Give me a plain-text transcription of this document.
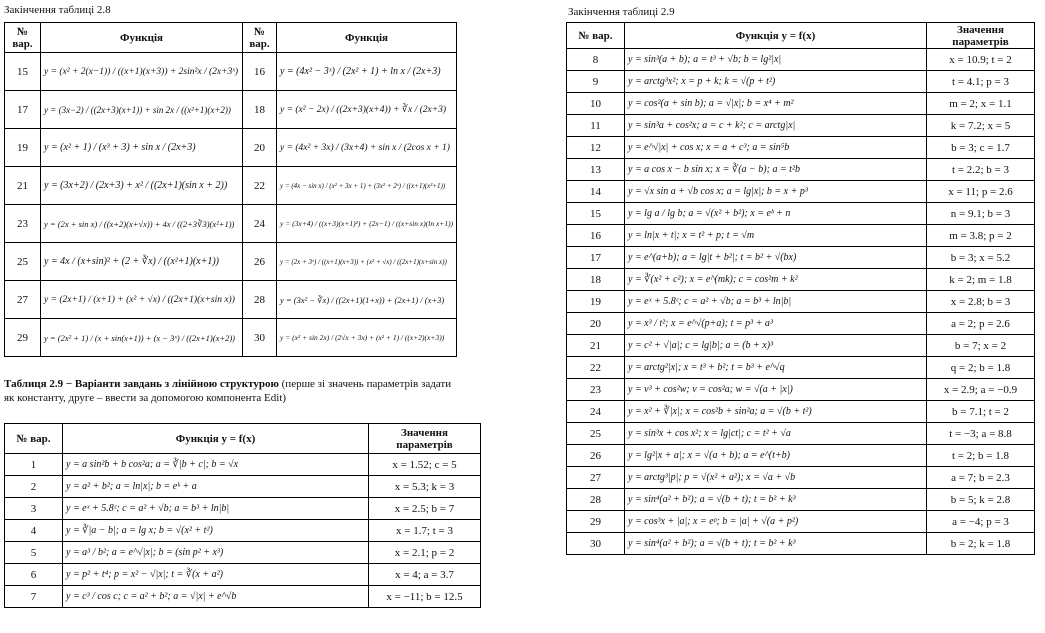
Закінчення таблиці 2.8
№ вар.	Функція	№ вар.	Функція
15	y = (x² + 2(x−1)) / ((x+1)(x+3)) + 2sin²x / (2x+3ˣ)	16	y = (4x² − 3ˣ) / (2x² + 1) + ln x / (2x+3)
17	y = (3x−2) / ((2x+3)(x+1)) + sin 2x / ((x²+1)(x+2))	18	y = (x² − 2x) / ((2x+3)(x+4)) + ∛x / (2x+3)
19	y = (x² + 1) / (x³ + 3) + sin x / (2x+3)	20	y = (4x² + 3x) / (3x+4) + sin x / (2cos x + 1)
21	y = (3x+2) / (2x+3) + x² / ((2x+1)(sin x + 2))	22	y = (4x − sin x) / (x² + 3x + 1) + (3x² + 2ˣ) / ((x+1)(x²+1))
23	y = (2x + sin x) / ((x+2)(x+√x)) + 4x / ((2+3∛3)(x²+1))	24	y = (3x+4) / ((x+3)(x+1)²) + (2x−1) / ((x+sin x)(ln x+1))
25	y = 4x / (x+sin)² + (2 + ∛x) / ((x²+1)(x+1))	26	y = (2x + 3ˣ) / ((x+1)(x+3)) + (x² + √x) / ((2x+1)(x+sin x))
27	y = (2x+1) / (x+1) + (x² + √x) / ((2x+1)(x+sin x))	28	y = (3x² − ∛x) / ((2x+1)(1+x)) + (2x+1) / (x+3)
29	y = (2x² + 1) / (x + sin(x+1)) + (x − 3ˣ) / ((2x+1)(x+2))	30	y = (x² + sin 2x) / (2√x + 3x) + (x² + 1) / ((x+2)(x+3))
Таблиця 2.9 − Варіанти завдань з лінійною структурою (перше зі значень параметрів задати як константу, друге – ввести за допомогою компонента Edit)
№ вар.	Функція y = f(x)	Значення параметрів
1	y = a sin²b + b cos²a; a = ∛|b + c|; b = √x	x = 1.52; c = 5
2	y = a² + b²; a = ln|x|; b = eᵏ + a	x = 5.3; k = 3
3	y = eˣ + 5.8ᶜ; c = a² + √b; a = b³ + ln|b|	x = 2.5; b = 7
4	y = ∛|a − b|; a = lg x; b = √(x² + t²)	x = 1.7; t = 3
5	y = a³ / b²; a = e^√|x|; b = (sin p² + x³)	x = 2.1; p = 2
6	y = p² + t⁴; p = x² − √|x|; t = ∛(x + a²)	x = 4; a = 3.7
7	y = c³ / cos c; c = a² + b²; a = √|x| + e^√b	x = −11; b = 12.5
Закінчення таблиці 2.9
№ вар.	Функція y = f(x)	Значення параметрів
8	y = sin³(a + b); a = t³ + √b; b = lg²|x|	x = 10.9; t = 2
9	y = arctg³x²; x = p + k; k = √(p + t²)	t = 4.1; p = 3
10	y = cos²(a + sin b); a = √|x|; b = x⁴ + m²	m = 2; x = 1.1
11	y = sin³a + cos²x; a = c + k²; c = arctg|x|	k = 7.2; x = 5
12	y = e^√|x| + cos x; x = a + c³; a = sin⁵b	b = 3; c = 1.7
13	y = a cos x − b sin x; x = ∛(a − b); a = t²b	t = 2.2; b = 3
14	y = √x sin a + √b cos x; a = lg|x|; b = x + p³	x = 11; p = 2.6
15	y = lg a / lg b; a = √(x² + b²); x = eᵇ + n	n = 9.1; b = 3
16	y = ln|x + t|; x = t² + p; t = √m	m = 3.8; p = 2
17	y = e^(a+b); a = lg|t + b²|; t = b² + √(bx)	b = 3; x = 5.2
18	y = ∛(x² + c²); x = e^(mk); c = cos²m + k²	k = 2; m = 1.8
19	y = eˣ + 5.8ᶜ; c = a² + √b; a = b³ + ln|b|	x = 2.8; b = 3
20	y = x³ / t²; x = e^√(p+a); t = p³ + a³	a = 2; p = 2.6
21	y = c² + √|a|; c = lg|b|; a = (b + x)³	b = 7; x = 2
22	y = arctg²|x|; x = t³ + b²; t = b³ + e^√q	q = 2; b = 1.8
23	y = v³ + cos²w; v = cos²a; w = √(a + |x|)	x = 2.9; a = −0.9
24	y = x² + ∛|x|; x = cos²b + sin²a; a = √(b + t²)	b = 7.1; t = 2
25	y = sin³x + cos x²; x = lg|ct|; c = t² + √a	t = −3; a = 8.8
26	y = lg²|x + a|; x = √(a + b); a = e^(t+b)	t = 2; b = 1.8
27	y = arctg³|p|; p = √(x² + a²); x = √a + √b	a = 7; b = 2.3
28	y = sin⁴(a² + b²); a = √(b + t); t = b² + k³	b = 5; k = 2.8
29	y = cos³x + |a|; x = eᵖ; b = |a| + √(a + p²)	a = −4; p = 3
30	y = sin⁴(a² + b²); a = √(b + t); t = b² + k³	b = 2; k = 1.8
